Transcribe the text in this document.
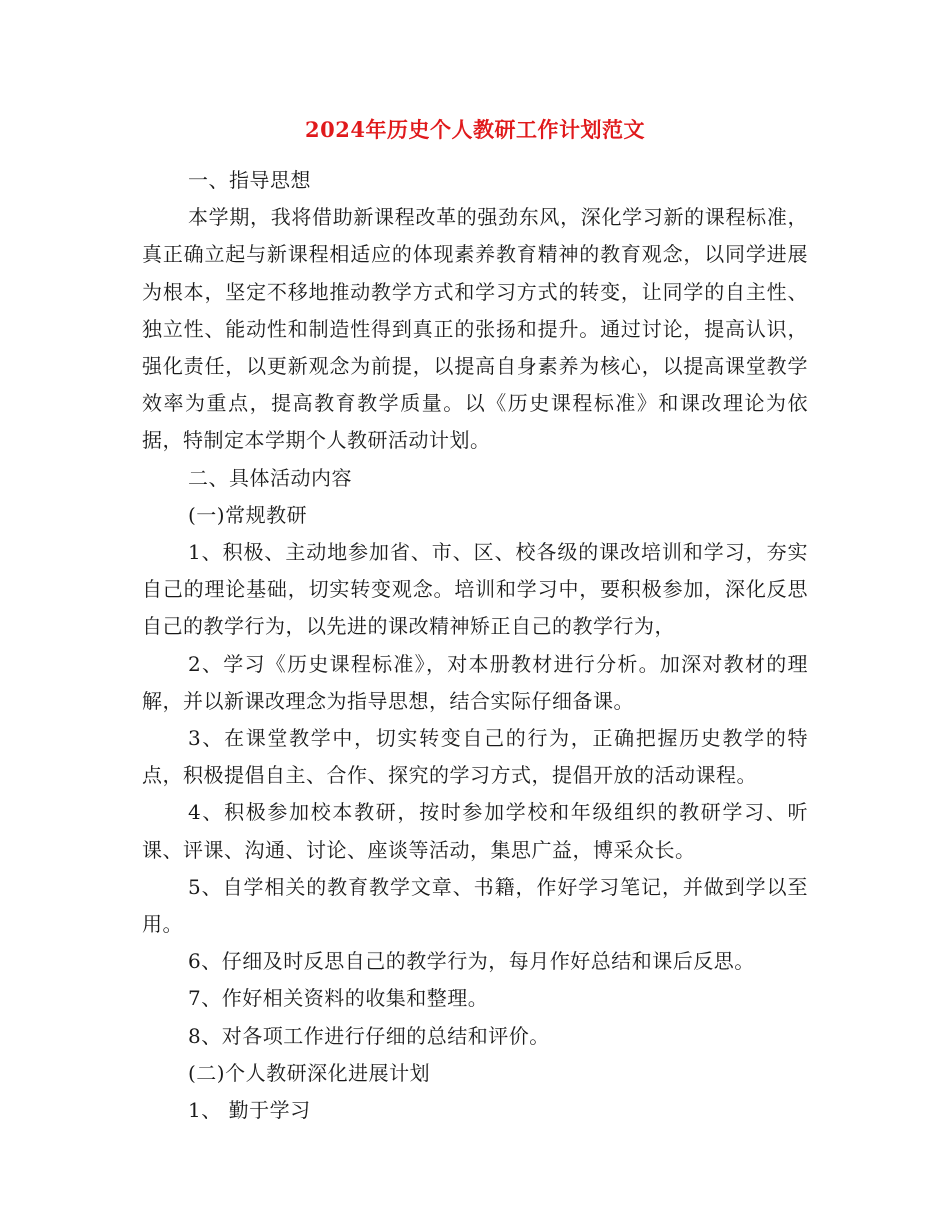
2024年历史个人教研工作计划范文

一、指导思想

本学期，我将借助新课程改革的强劲东风，深化学习新的课程标准，真正确立起与新课程相适应的体现素养教育精神的教育观念，以同学进展为根本，坚定不移地推动教学方式和学习方式的转变，让同学的自主性、独立性、能动性和制造性得到真正的张扬和提升。通过讨论，提高认识，强化责任，以更新观念为前提，以提高自身素养为核心，以提高课堂教学效率为重点，提高教育教学质量。以《历史课程标准》和课改理论为依据，特制定本学期个人教研活动计划。

二、具体活动内容

(一)常规教研

1、积极、主动地参加省、市、区、校各级的课改培训和学习，夯实自己的理论基础，切实转变观念。培训和学习中，要积极参加，深化反思自己的教学行为，以先进的课改精神矫正自己的教学行为，

2、学习《历史课程标准》，对本册教材进行分析。加深对教材的理解，并以新课改理念为指导思想，结合实际仔细备课。

3、在课堂教学中，切实转变自己的行为，正确把握历史教学的特点，积极提倡自主、合作、探究的学习方式，提倡开放的活动课程。

4、积极参加校本教研，按时参加学校和年级组织的教研学习、听课、评课、沟通、讨论、座谈等活动，集思广益，博采众长。

5、自学相关的教育教学文章、书籍，作好学习笔记，并做到学以至用。

6、仔细及时反思自己的教学行为，每月作好总结和课后反思。

7、作好相关资料的收集和整理。

8、对各项工作进行仔细的总结和评价。

(二)个人教研深化进展计划

1、 勤于学习
